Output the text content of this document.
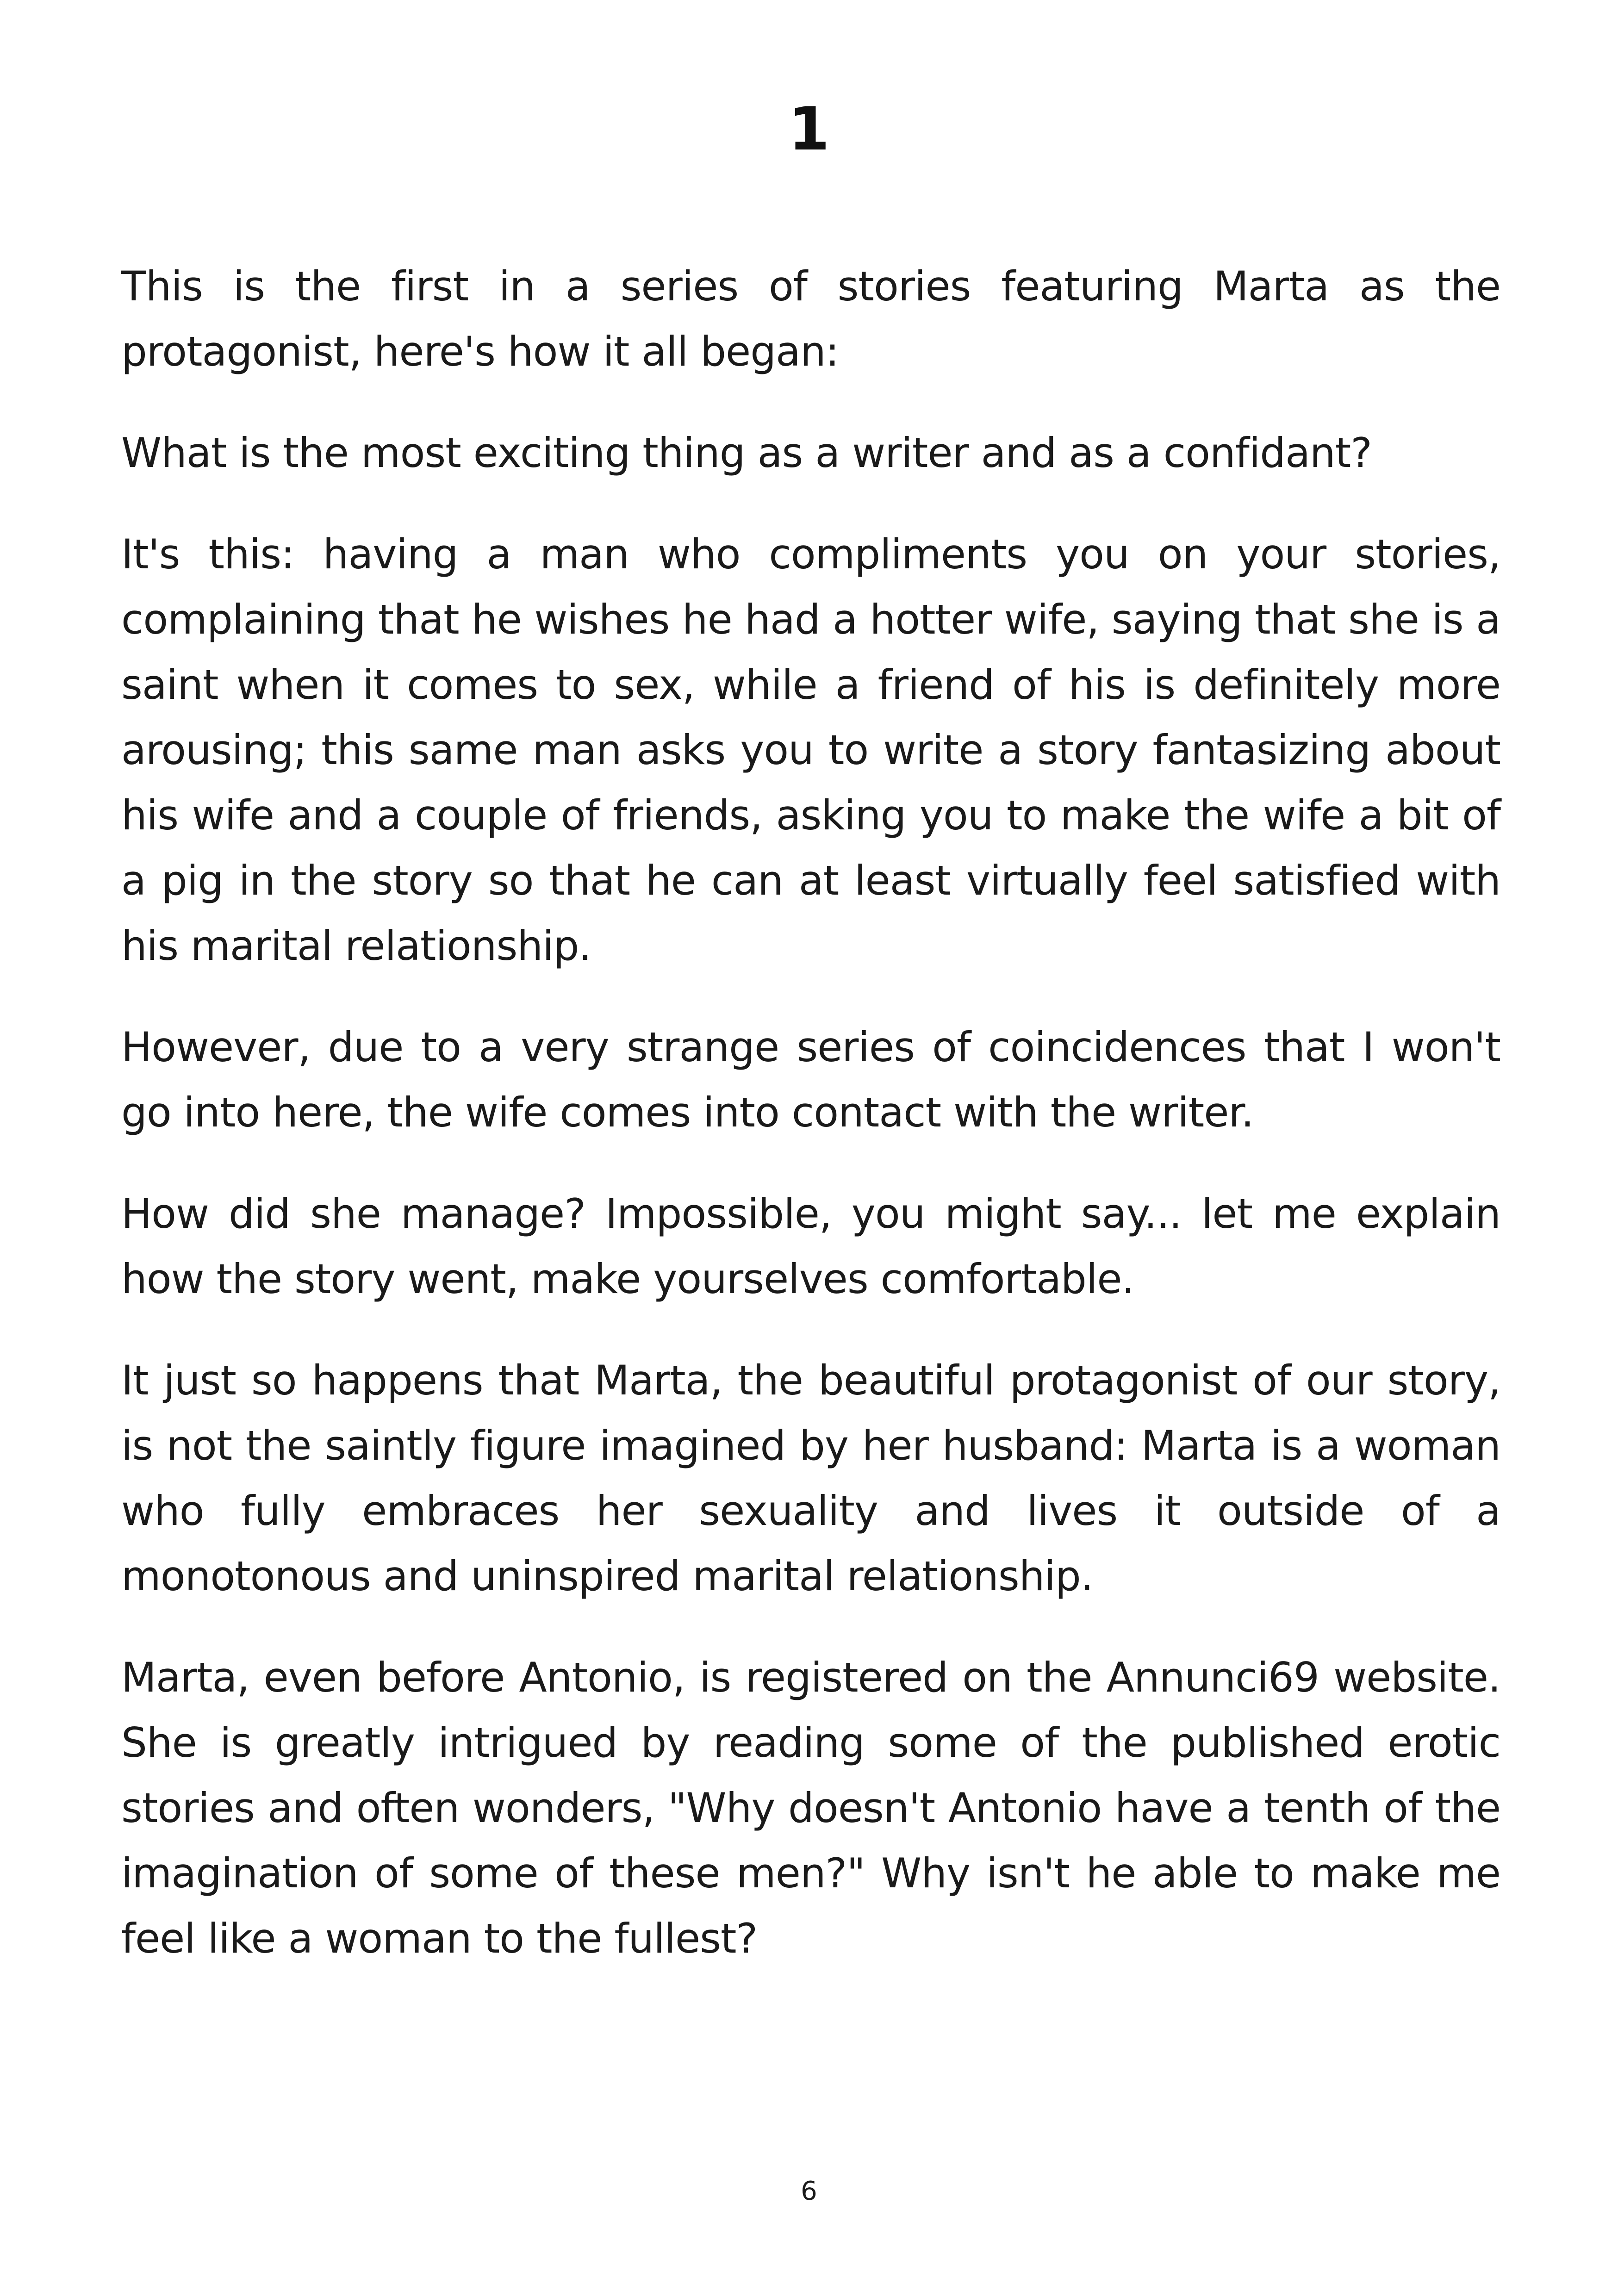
1

This is the first in a series of stories featuring Marta as the protagonist, here's how it all began:

What is the most exciting thing as a writer and as a confidant?

It's this: having a man who compliments you on your stories, complaining that he wishes he had a hotter wife, saying that she is a saint when it comes to sex, while a friend of his is definitely more arousing; this same man asks you to write a story fantasizing about his wife and a couple of friends, asking you to make the wife a bit of a pig in the story so that he can at least virtually feel satisfied with his marital relationship.

However, due to a very strange series of coincidences that I won't go into here, the wife comes into contact with the writer.

How did she manage? Impossible, you might say... let me explain how the story went, make yourselves comfortable.

It just so happens that Marta, the beautiful protagonist of our story, is not the saintly figure imagined by her husband: Marta is a woman who fully embraces her sexuality and lives it outside of a monotonous and uninspired marital relationship.

Marta, even before Antonio, is registered on the Annunci69 website. She is greatly intrigued by reading some of the published erotic stories and often wonders, "Why doesn't Antonio have a tenth of the imagination of some of these men?" Why isn't he able to make me feel like a woman to the fullest?

6
